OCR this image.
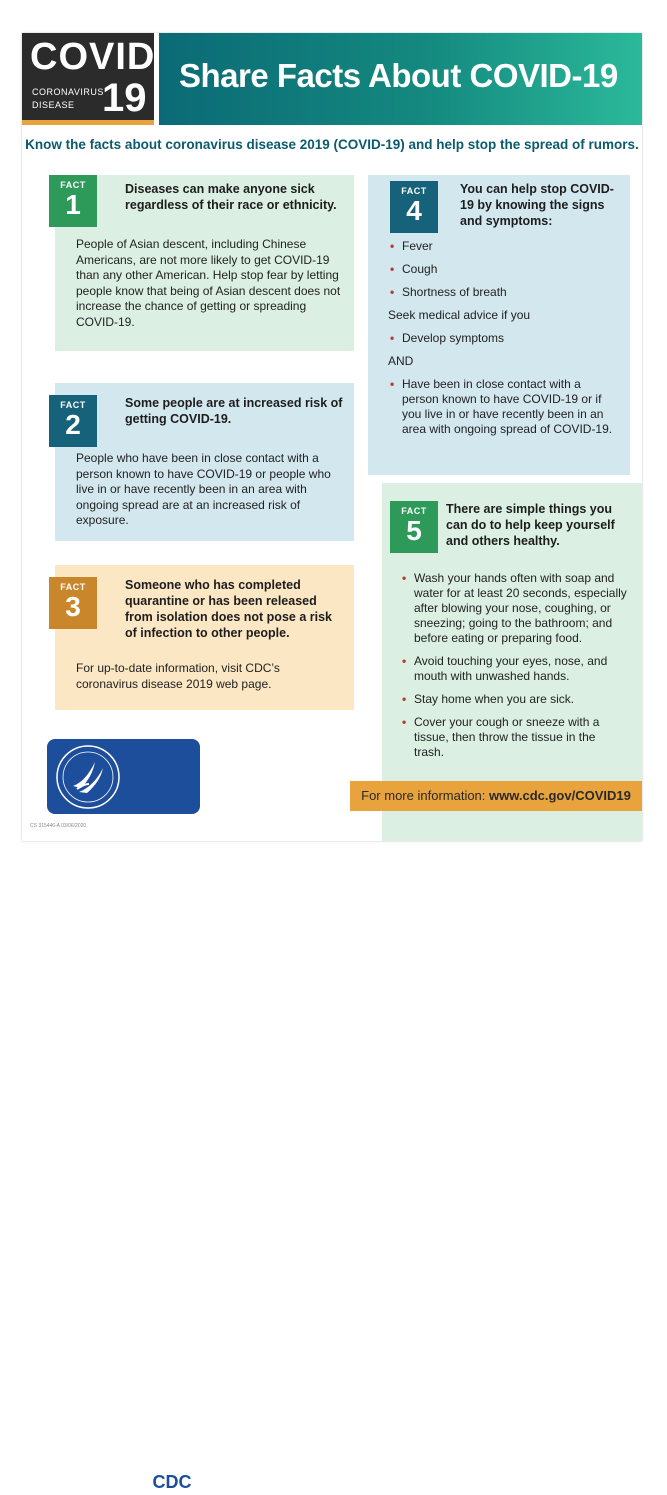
COVID
CORONAVIRUS
DISEASE 19
Share Facts About COVID-19
Know the facts about coronavirus disease 2019 (COVID-19) and help stop the spread of rumors.
FACT
1	Diseases can make anyone sick regardless of their race or ethnicity.
People of Asian descent, including Chinese Americans, are not more likely to get COVID-19 than any other American. Help stop fear by letting people know that being of Asian descent does not increase the chance of getting or spreading COVID-19.
FACT
2
Some people are at increased risk of getting COVID-19.
People who have been in close contact with a person known to have COVID-19 or people who live in or have recently been in an area with ongoing spread are at an increased risk of exposure.
FACT
3
Someone who has completed quarantine or has been released from isolation does not pose a risk of infection to other people.
For up-to-date information, visit CDC’s coronavirus disease 2019 web page.
FACT
4
You can help stop COVID-19 by knowing the signs and symptoms:
• Fever
• Cough
• Shortness of breath
Seek medical advice if you
• Develop symptoms
AND
• Have been in close contact with a person known to have COVID-19 or if you live in or have recently been in an area with ongoing spread of COVID-19.
FACT
5
There are simple things you can do to help keep yourself and others healthy.
• Wash your hands often with soap and water for at least 20 seconds, especially after blowing your nose, coughing, or sneezing; going to the bathroom; and before eating or preparing food.
• Avoid touching your eyes, nose, and mouth with unwashed hands.
• Stay home when you are sick.
• Cover your cough or sneeze with a tissue, then throw the tissue in the trash.
For more information: www.cdc.gov/COVID19
CDC
CS 315446-A 03/06/2020
